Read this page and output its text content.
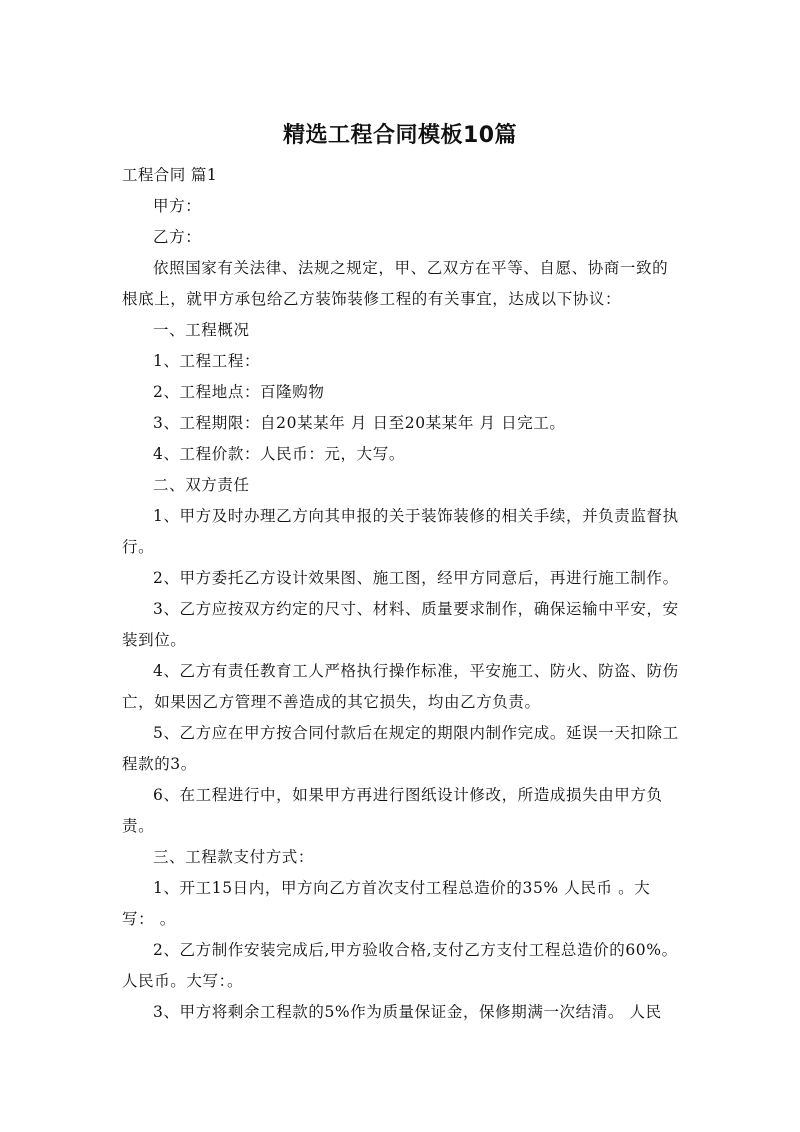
精选工程合同模板10篇
工程合同 篇1
甲方：
乙方：
依照国家有关法律、法规之规定，甲、乙双方在平等、自愿、协商一致的
根底上，就甲方承包给乙方装饰装修工程的有关事宜，达成以下协议：
一、工程概况
1、工程工程：
2、工程地点：百隆购物
3、工程期限：自20某某年 月 日至20某某年 月 日完工。
4、工程价款：人民币：元，大写。
二、双方责任
1、甲方及时办理乙方向其申报的关于装饰装修的相关手续，并负责监督执
行。
2、甲方委托乙方设计效果图、施工图，经甲方同意后，再进行施工制作。
3、乙方应按双方约定的尺寸、材料、质量要求制作，确保运输中平安，安
装到位。
4、乙方有责任教育工人严格执行操作标准，平安施工、防火、防盗、防伤
亡，如果因乙方管理不善造成的其它损失，均由乙方负责。
5、乙方应在甲方按合同付款后在规定的期限内制作完成。延误一天扣除工
程款的3。
6、在工程进行中，如果甲方再进行图纸设计修改，所造成损失由甲方负
责。
三、工程款支付方式：
1、开工15日内，甲方向乙方首次支付工程总造价的35% 人民币 。大
写： 。
2、乙方制作安装完成后,甲方验收合格,支付乙方支付工程总造价的60%。
人民币。大写：。
3、甲方将剩余工程款的5%作为质量保证金，保修期满一次结清。 人民
